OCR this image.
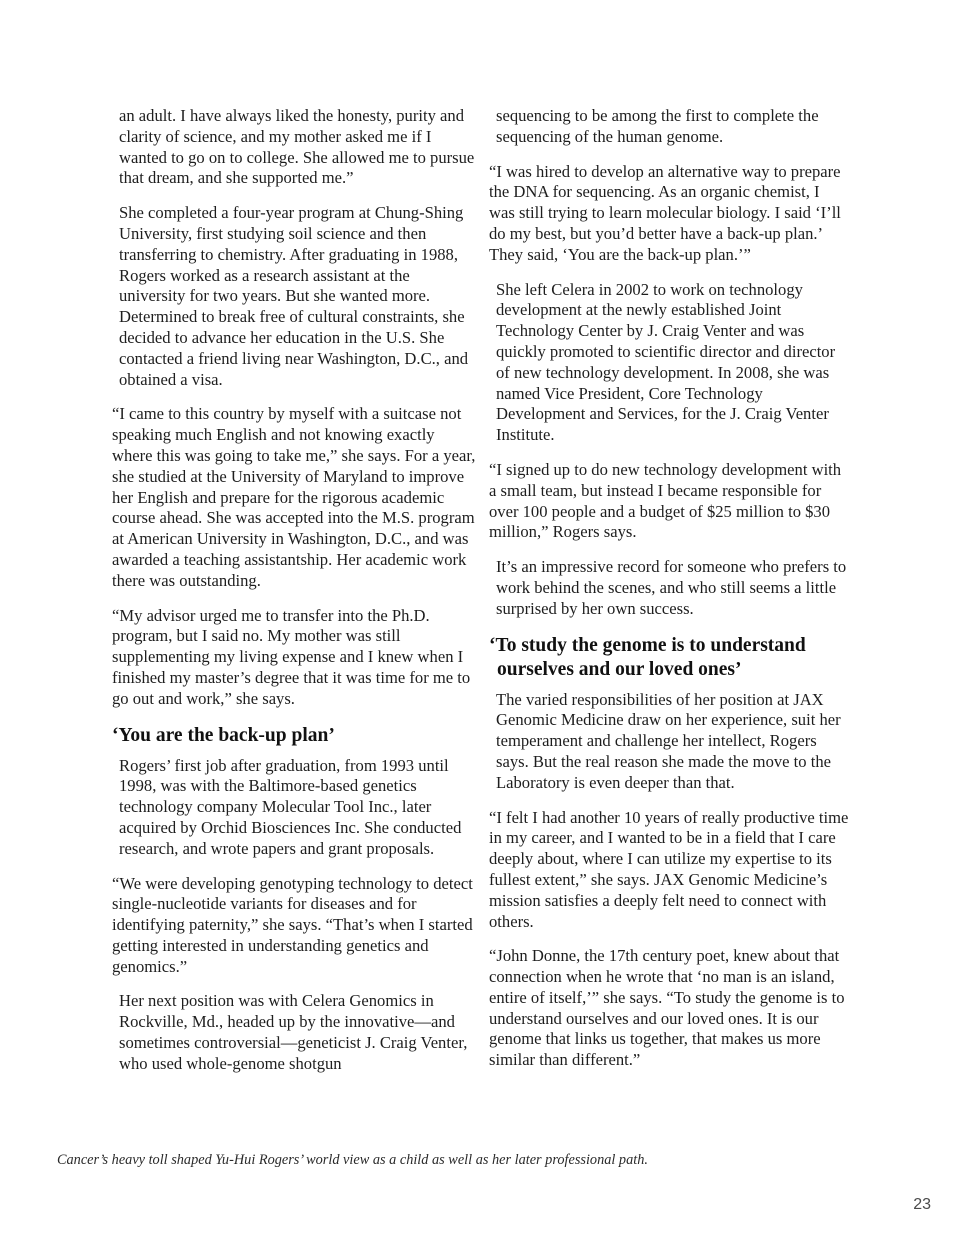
an adult. I have always liked the honesty, purity and clarity of science, and my mother asked me if I wanted to go on to college. She allowed me to pursue that dream, and she supported me.”

She completed a four-year program at Chung-Shing University, first studying soil science and then transferring to chemistry. After graduating in 1988, Rogers worked as a research assistant at the university for two years. But she wanted more. Determined to break free of cultural constraints, she decided to advance her education in the U.S. She contacted a friend living near Washington, D.C., and obtained a visa.

“I came to this country by myself with a suitcase not speaking much English and not knowing exactly where this was going to take me,” she says. For a year, she studied at the University of Maryland to improve her English and prepare for the rigorous academic course ahead. She was accepted into the M.S. program at American University in Washington, D.C., and was awarded a teaching assistantship. Her academic work there was outstanding.

“My advisor urged me to transfer into the Ph.D. program, but I said no. My mother was still supplementing my living expense and I knew when I finished my master’s degree that it was time for me to go out and work,” she says.

‘You are the back-up plan’

Rogers’ first job after graduation, from 1993 until 1998, was with the Baltimore-based genetics technology company Molecular Tool Inc., later acquired by Orchid Biosciences Inc. She conducted research, and wrote papers and grant proposals.

“We were developing genotyping technology to detect single-nucleotide variants for diseases and for identifying paternity,” she says. “That’s when I started getting interested in understanding genetics and genomics.”

Her next position was with Celera Genomics in Rockville, Md., headed up by the innovative—and sometimes controversial—geneticist J. Craig Venter, who used whole-genome shotgun

sequencing to be among the first to complete the sequencing of the human genome.

“I was hired to develop an alternative way to prepare the DNA for sequencing. As an organic chemist, I was still trying to learn molecular biology. I said ‘I’ll do my best, but you’d better have a back-up plan.’ They said, ‘You are the back-up plan.’”

She left Celera in 2002 to work on technology development at the newly established Joint Technology Center by J. Craig Venter and was quickly promoted to scientific director and director of new technology development. In 2008, she was named Vice President, Core Technology Development and Services, for the J. Craig Venter Institute.

“I signed up to do new technology development with a small team, but instead I became responsible for over 100 people and a budget of $25 million to $30 million,” Rogers says.

It’s an impressive record for someone who prefers to work behind the scenes, and who still seems a little surprised by her own success.

‘To study the genome is to understand
ourselves and our loved ones’

The varied responsibilities of her position at JAX Genomic Medicine draw on her experience, suit her temperament and challenge her intellect, Rogers says. But the real reason she made the move to the Laboratory is even deeper than that.

“I felt I had another 10 years of really productive time in my career, and I wanted to be in a field that I care deeply about, where I can utilize my expertise to its fullest extent,” she says. JAX Genomic Medicine’s mission satisfies a deeply felt need to connect with others.

“John Donne, the 17th century poet, knew about that connection when he wrote that ‘no man is an island, entire of itself,’” she says. “To study the genome is to understand ourselves and our loved ones. It is our genome that links us together, that makes us more similar than different.”

Cancer’s heavy toll shaped Yu-Hui Rogers’ world view as a child as well as her later professional path.
23
